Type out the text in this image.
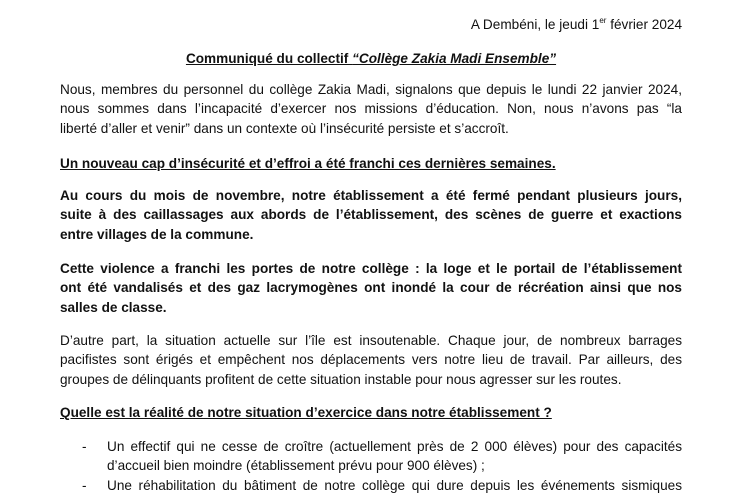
A Dembéni, le jeudi 1er février 2024
Communiqué du collectif “Collège Zakia Madi Ensemble”
Nous, membres du personnel du collège Zakia Madi, signalons que depuis le lundi 22 janvier 2024,
nous sommes dans l’incapacité d’exercer nos missions d’éducation. Non, nous n’avons pas “la
liberté d’aller et venir” dans un contexte où l’insécurité persiste et s’accroît.
Un nouveau cap d’insécurité et d’effroi a été franchi ces dernières semaines.
Au cours du mois de novembre, notre établissement a été fermé pendant plusieurs jours,
suite à des caillassages aux abords de l’établissement, des scènes de guerre et exactions
entre villages de la commune.
Cette violence a franchi les portes de notre collège : la loge et le portail de l’établissement
ont été vandalisés et des gaz lacrymogènes ont inondé la cour de récréation ainsi que nos
salles de classe.
D’autre part, la situation actuelle sur l’île est insoutenable. Chaque jour, de nombreux barrages
pacifistes sont érigés et empêchent nos déplacements vers notre lieu de travail. Par ailleurs, des
groupes de délinquants profitent de cette situation instable pour nous agresser sur les routes.
Quelle est la réalité de notre situation d’exercice dans notre établissement ?
- Un effectif qui ne cesse de croître (actuellement près de 2 000 élèves) pour des capacités
d’accueil bien moindre (établissement prévu pour 900 élèves) ;
- Une réhabilitation du bâtiment de notre collège qui dure depuis les événements sismiques
